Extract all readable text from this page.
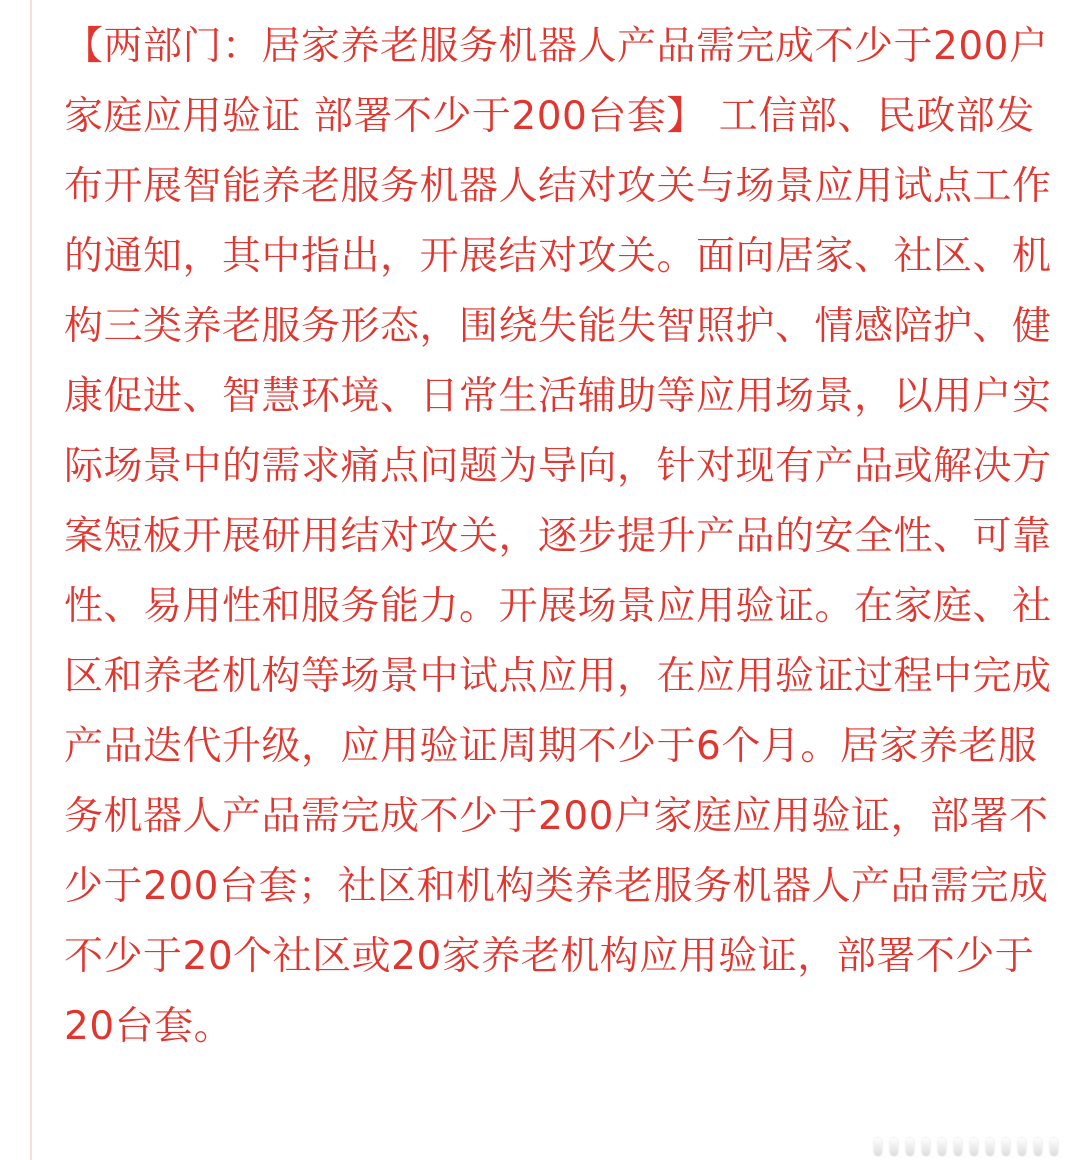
【两部门：居家养老服务机器人产品需完成不少于200户家庭应用验证 部署不少于200台套】 工信部、民政部发布开展智能养老服务机器人结对攻关与场景应用试点工作的通知，其中指出，开展结对攻关。面向居家、社区、机构三类养老服务形态，围绕失能失智照护、情感陪护、健康促进、智慧环境、日常生活辅助等应用场景，以用户实际场景中的需求痛点问题为导向，针对现有产品或解决方案短板开展研用结对攻关，逐步提升产品的安全性、可靠性、易用性和服务能力。开展场景应用验证。在家庭、社区和养老机构等场景中试点应用，在应用验证过程中完成产品迭代升级，应用验证周期不少于6个月。居家养老服务机器人产品需完成不少于200户家庭应用验证，部署不少于200台套；社区和机构类养老服务机器人产品需完成不少于20个社区或20家养老机构应用验证，部署不少于20台套。
